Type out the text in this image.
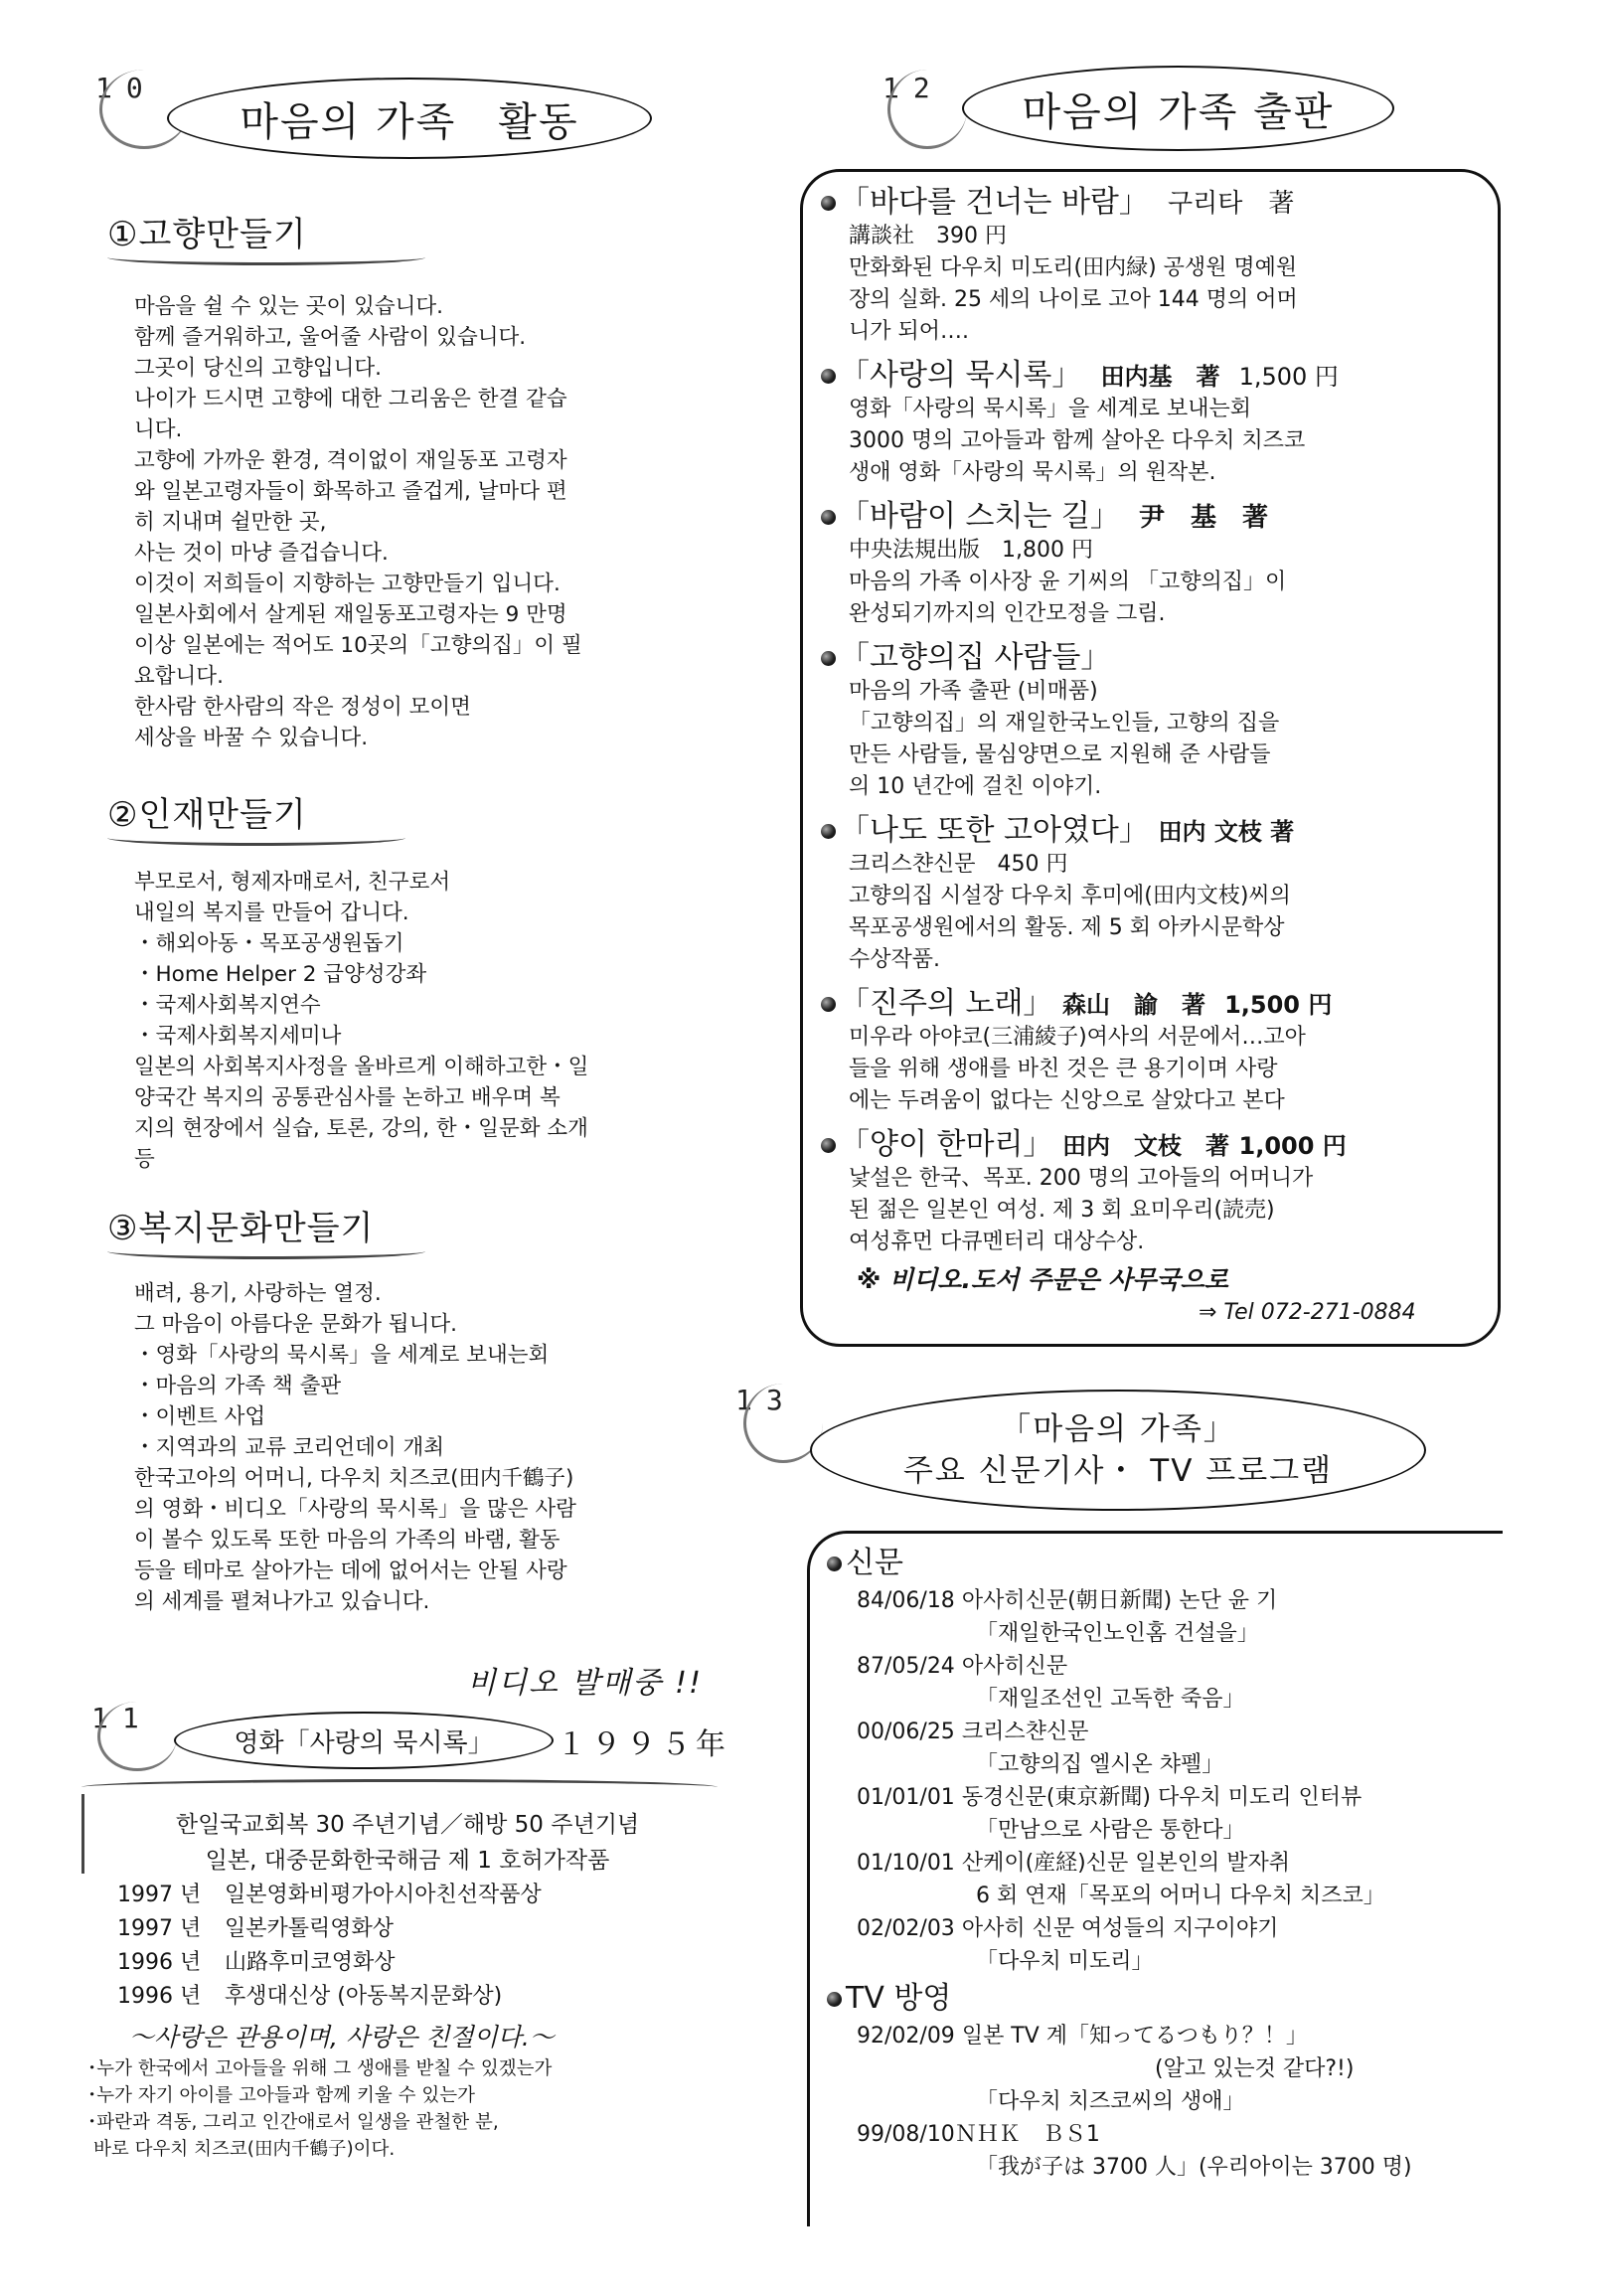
10
마음의 가족　활동
①고향만들기
마음을 쉴 수 있는 곳이 있습니다.
함께 즐거워하고, 울어줄 사람이 있습니다.
그곳이 당신의 고향입니다.
나이가 드시면 고향에 대한 그리움은 한결 같습
니다.
고향에 가까운 환경, 격이없이 재일동포 고령자
와 일본고령자들이 화목하고 즐겁게, 날마다 편
히 지내며 쉴만한 곳,
사는 것이 마냥 즐겁습니다.
이것이 저희들이 지향하는 고향만들기 입니다.
일본사회에서 살게된 재일동포고령자는 9 만명
이상 일본에는 적어도 10곳의「고향의집」이 필
요합니다.
한사람 한사람의 작은 정성이 모이면
세상을 바꿀 수 있습니다.
②인재만들기
부모로서, 형제자매로서, 친구로서
내일의 복지를 만들어 갑니다.
・해외아동・목포공생원돕기
・Home Helper 2 급양성강좌
・국제사회복지연수
・국제사회복지세미나
일본의 사회복지사정을 올바르게 이해하고한・일
양국간 복지의 공통관심사를 논하고 배우며 복
지의 현장에서 실습, 토론, 강의, 한・일문화 소개
등
③복지문화만들기
배려, 용기, 사랑하는 열정.
그 마음이 아름다운 문화가 됩니다.
・영화「사랑의 묵시록」을 세계로 보내는회
・마음의 가족 책 출판
・이벤트 사업
・지역과의 교류 코리언데이 개최
한국고아의 어머니, 다우치 치즈코(田内千鶴子)
의 영화・비디오「사랑의 묵시록」을 많은 사람
이 볼수 있도록 또한 마음의 가족의 바램, 활동
등을 테마로 살아가는 데에 없어서는 안될 사랑
의 세계를 펼쳐나가고 있습니다.
비디오 발매중 !!
11
영화「사랑의 묵시록」 １９９５年
한일국교회복 30 주년기념／해방 50 주년기념
일본, 대중문화한국해금 제 1 호허가작품
1997 년 일본영화비평가아시아친선작품상
1997 년 일본카톨릭영화상
1996 년 山路후미코영화상
1996 년 후생대신상 (아동복지문화상)
〜사랑은 관용이며, 사랑은 친절이다.〜
･누가 한국에서 고아들을 위해 그 생애를 받칠 수 있겠는가
･누가 자기 아이를 고아들과 함께 키울 수 있는가
･파란과 격동, 그리고 인간애로서 일생을 관철한 분,
바로 다우치 치즈코(田内千鶴子)이다.
12
마음의 가족 출판
「바다를 건너는 바람」 구리타　著
講談社　390 円
만화화된 다우치 미도리(田内緑) 공생원 명예원
장의 실화. 25 세의 나이로 고아 144 명의 어머
니가 되어….
「사랑의 묵시록」 田内基　著 1,500 円
영화「사랑의 묵시록」을 세계로 보내는회
3000 명의 고아들과 함께 살아온 다우치 치즈코
생애 영화「사랑의 묵시록」의 원작본.
「바람이 스치는 길」 尹　基　著
中央法規出版　1,800 円
마음의 가족 이사장 윤 기씨의 「고향의집」이
완성되기까지의 인간모정을 그림.
「고향의집 사람들」
마음의 가족 출판 (비매품)
「고향의집」의 재일한국노인들, 고향의 집을
만든 사람들, 물심양면으로 지원해 준 사람들
의 10 년간에 걸친 이야기.
「나도 또한 고아였다」 田内 文枝 著
크리스챤신문　450 円
고향의집 시설장 다우치 후미에(田内文枝)씨의
목포공생원에서의 활동. 제 5 회 아카시문학상
수상작품.
「진주의 노래」 森山　諭　著 1,500 円
미우라 아야코(三浦綾子)여사의 서문에서…고아
들을 위해 생애를 바친 것은 큰 용기이며 사랑
에는 두려움이 없다는 신앙으로 살았다고 본다
「양이 한마리」 田内　文枝　著 1,000 円
낯설은 한국、목포. 200 명의 고아들의 어머니가
된 젊은 일본인 여성. 제 3 회 요미우리(読売)
여성휴먼 다큐멘터리 대상수상.
※ 비디오.도서 주문은 사무국으로
⇒ Tel 072-271-0884
13
「마음의 가족」
주요 신문기사・ TV 프로그램
신문
84/06/18 아사히신문(朝日新聞) 논단 윤 기
「재일한국인노인홈 건설을」
87/05/24 아사히신문
「재일조선인 고독한 죽음」
00/06/25 크리스챤신문
「고향의집 엘시온 챠펠」
01/01/01 동경신문(東京新聞) 다우치 미도리 인터뷰
「만남으로 사람은 통한다」
01/10/01 산케이(産経)신문 일본인의 발자취
6 회 연재「목포의 어머니 다우치 치즈코」
02/02/03 아사히 신문 여성들의 지구이야기
「다우치 미도리」
TV 방영
92/02/09 일본 TV 계「知ってるつもり？！」
(알고 있는것 같다?!)
「다우치 치즈코씨의 생애」
99/08/10ＮＨＫ　ＢＳ1
「我が子は 3700 人」(우리아이는 3700 명)
